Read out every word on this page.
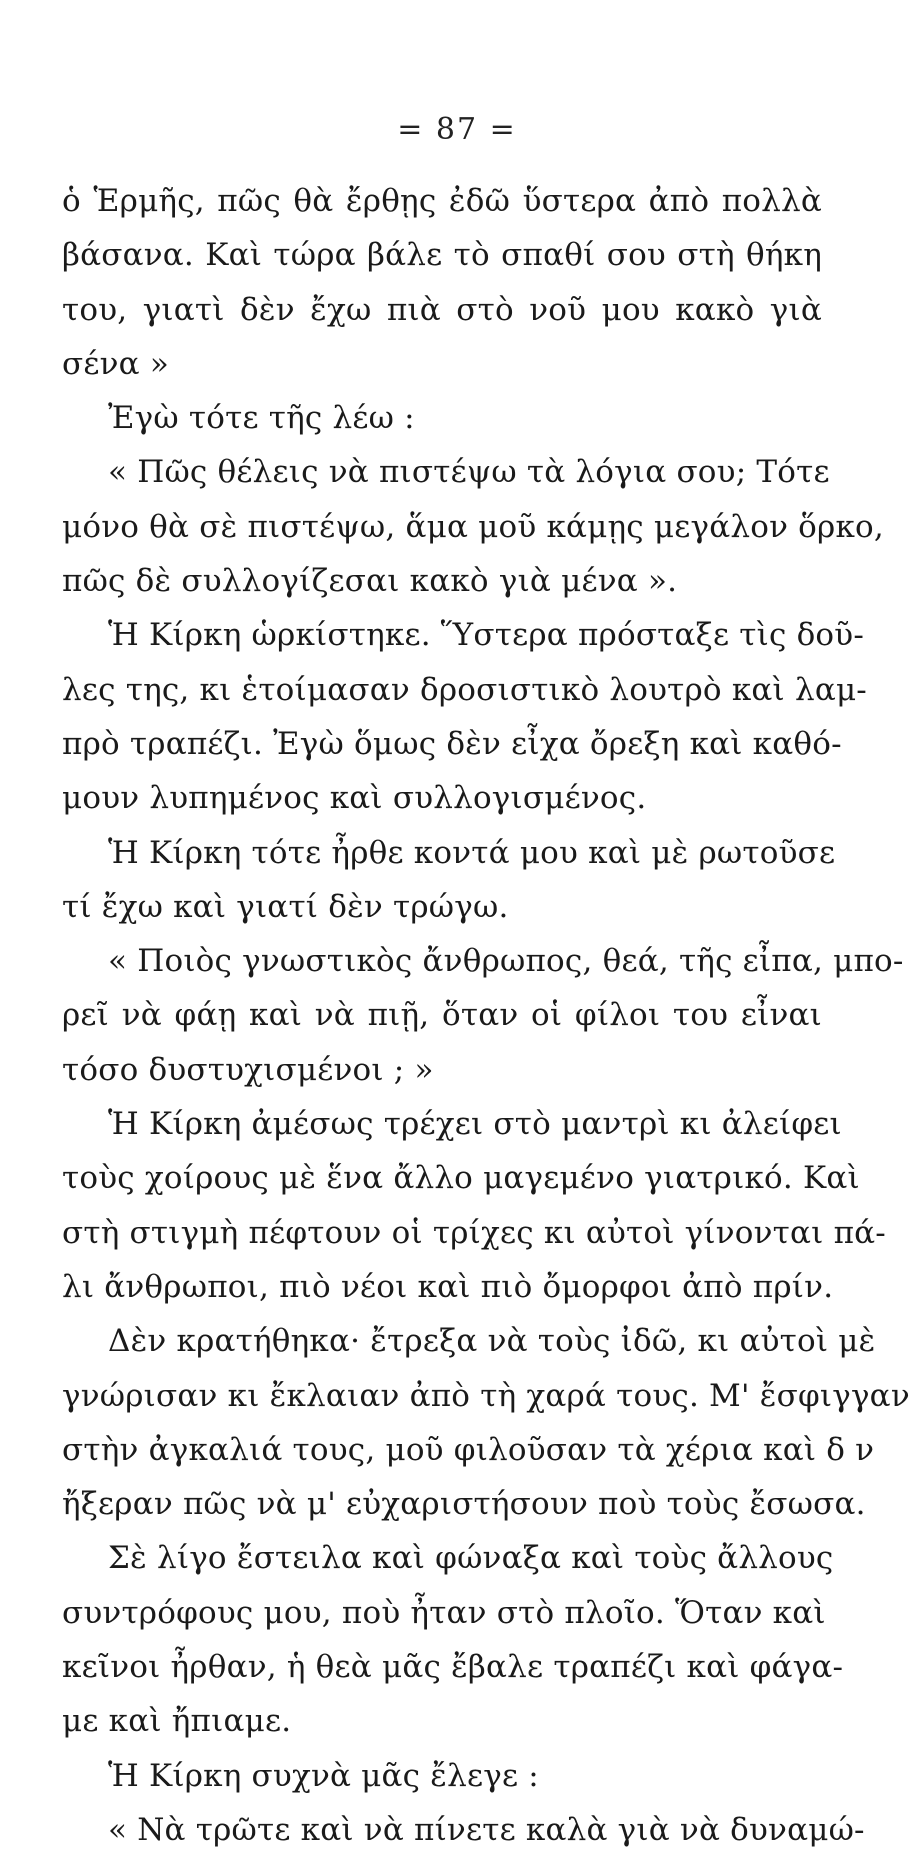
= 87 =
ὁ Ἑρμῆς, πῶς θὰ ἔρθῃς ἐδῶ ὕστερα ἀπὸ πολλὰ
βάσανα. Καὶ τώρα βάλε τὸ σπαθί σου στὴ θήκη
του, γιατὶ δὲν ἔχω πιὰ στὸ νοῦ μου κακὸ γιὰ
σένα »
Ἐγὼ τότε τῆς λέω :
« Πῶς θέλεις νὰ πιστέψω τὰ λόγια σου; Τότε
μόνο θὰ σὲ πιστέψω, ἅμα μοῦ κάμῃς μεγάλον ὅρκο,
πῶς δὲ συλλογίζεσαι κακὸ γιὰ μένα ».
Ἡ Κίρκη ὡρκίστηκε. Ὕστερα πρόσταξε τὶς δοῦ-
λες της, κι ἑτοίμασαν δροσιστικὸ λουτρὸ καὶ λαμ-
πρὸ τραπέζι. Ἐγὼ ὅμως δὲν εἶχα ὄρεξη καὶ καθό-
μουν λυπημένος καὶ συλλογισμένος.
Ἡ Κίρκη τότε ἦρθε κοντά μου καὶ μὲ ρωτοῦσε
τί ἔχω καὶ γιατί δὲν τρώγω.
« Ποιὸς γνωστικὸς ἄνθρωπος, θεά, τῆς εἶπα, μπο-
ρεῖ νὰ φάῃ καὶ νὰ πιῇ, ὅταν οἱ φίλοι του εἶναι
τόσο δυστυχισμένοι ; »
Ἡ Κίρκη ἀμέσως τρέχει στὸ μαντρὶ κι ἀλείφει
τοὺς χοίρους μὲ ἕνα ἄλλο μαγεμένο γιατρικό. Καὶ
στὴ στιγμὴ πέφτουν οἱ τρίχες κι αὐτοὶ γίνονται πά-
λι ἄνθρωποι, πιὸ νέοι καὶ πιὸ ὄμορφοι ἀπὸ πρίν.
Δὲν κρατήθηκα· ἔτρεξα νὰ τοὺς ἰδῶ, κι αὐτοὶ μὲ
γνώρισαν κι ἔκλαιαν ἀπὸ τὴ χαρά τους. Μ' ἔσφιγγαν
στὴν ἀγκαλιά τους, μοῦ φιλοῦσαν τὰ χέρια καὶ δ ν
ἤξεραν πῶς νὰ μ' εὐχαριστήσουν ποὺ τοὺς ἔσωσα.
Σὲ λίγο ἔστειλα καὶ φώναξα καὶ τοὺς ἄλλους
συντρόφους μου, ποὺ ἦταν στὸ πλοῖο. Ὅταν καὶ
κεῖνοι ἦρθαν, ἡ θεὰ μᾶς ἔβαλε τραπέζι καὶ φάγα-
με καὶ ἤπιαμε.
Ἡ Κίρκη συχνὰ μᾶς ἔλεγε :
« Νὰ τρῶτε καὶ νὰ πίνετε καλὰ γιὰ νὰ δυναμώ-
